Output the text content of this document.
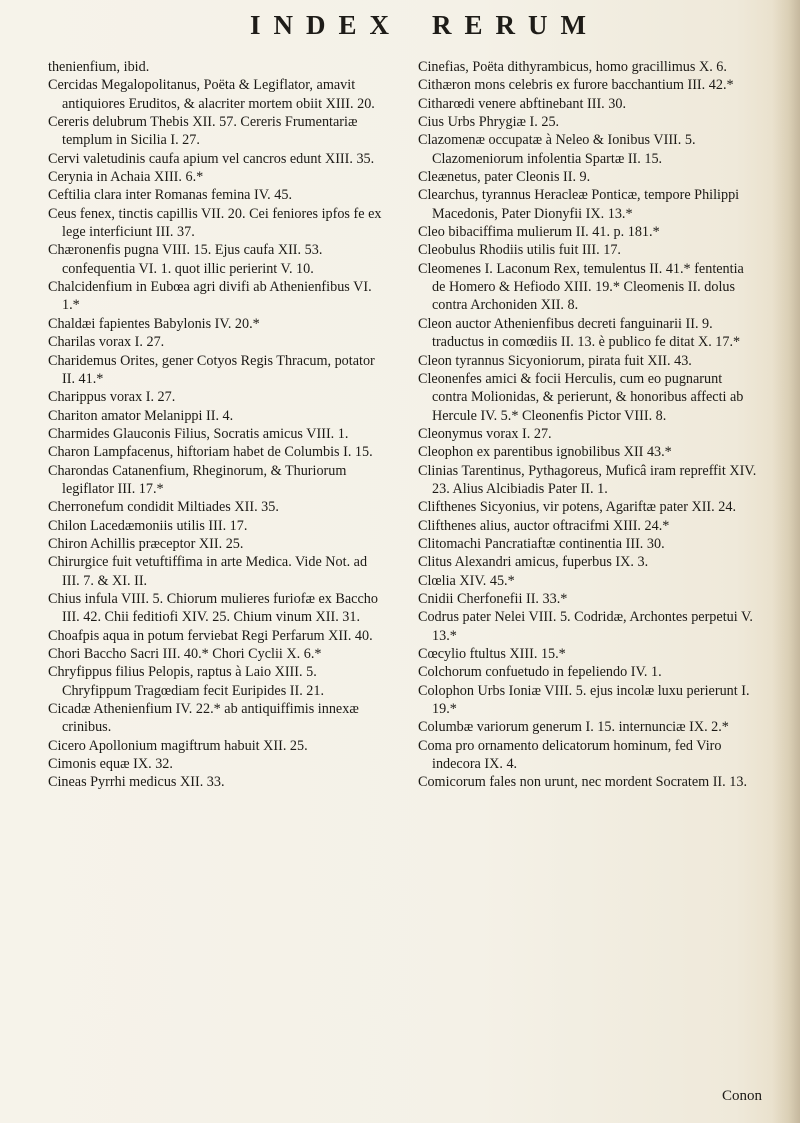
INDEX RERUM

thenienfium, ibid.

Cercidas Megalopolitanus, Poëta & Legiflator, amavit antiquiores Eruditos, & alacriter mortem obiit XIII. 20.

Cereris delubrum Thebis XII. 57. Cereris Frumentariæ templum in Sicilia I. 27.

Cervi valetudinis caufa apium vel cancros edunt XIII. 35.

Cerynia in Achaia XIII. 6.*

Ceftilia clara inter Romanas femina IV. 45.

Ceus fenex, tinctis capillis VII. 20. Cei feniores ipfos fe ex lege interficiunt III. 37.

Chæronenfis pugna VIII. 15. Ejus caufa XII. 53. confequentia VI. 1. quot illic perierint V. 10.

Chalcidenfium in Eubœa agri divifi ab Athenienfibus VI. 1.*

Chaldæi fapientes Babylonis IV. 20.*

Charilas vorax I. 27.

Charidemus Orites, gener Cotyos Regis Thracum, potator II. 41.*

Charippus vorax I. 27.

Chariton amator Melanippi II. 4.

Charmides Glauconis Filius, Socratis amicus VIII. 1.

Charon Lampfacenus, hiftoriam habet de Columbis I. 15.

Charondas Catanenfium, Rheginorum, & Thuriorum legiflator III. 17.*

Cherronefum condidit Miltiades XII. 35.

Chilon Lacedæmoniis utilis III. 17.

Chiron Achillis præceptor XII. 25.

Chirurgice fuit vetuftiffima in arte Medica. Vide Not. ad III. 7. & XI. II.

Chius infula VIII. 5. Chiorum mulieres furiofæ ex Baccho III. 42. Chii feditiofi XIV. 25. Chium vinum XII. 31.

Choafpis aqua in potum ferviebat Regi Perfarum XII. 40.

Chori Baccho Sacri III. 40.* Chori Cyclii X. 6.*

Chryfippus filius Pelopis, raptus à Laio XIII. 5. Chryfippum Tragœdiam fecit Euripides II. 21.

Cicadæ Athenienfium IV. 22.* ab antiquiffimis innexæ crinibus.

Cicero Apollonium magiftrum habuit XII. 25.

Cimonis equæ IX. 32.

Cineas Pyrrhi medicus XII. 33.

Cinefias, Poëta dithyrambicus, homo gracillimus X. 6.

Cithæron mons celebris ex furore bacchantium III. 42.*

Citharœdi venere abftinebant III. 30.

Cius Urbs Phrygiæ I. 25.

Clazomenæ occupatæ à Neleo & Ionibus VIII. 5. Clazomeniorum infolentia Spartæ II. 15.

Cleænetus, pater Cleonis II. 9.

Clearchus, tyrannus Heracleæ Ponticæ, tempore Philippi Macedonis, Pater Dionyfii IX. 13.*

Cleo bibaciffima mulierum II. 41. p. 181.*

Cleobulus Rhodiis utilis fuit III. 17.

Cleomenes I. Laconum Rex, temulentus II. 41.* fententia de Homero & Hefiodo XIII. 19.* Cleomenis II. dolus contra Archoniden XII. 8.

Cleon auctor Athenienfibus decreti fanguinarii II. 9. traductus in comœdiis II. 13. è publico fe ditat X. 17.*

Cleon tyrannus Sicyoniorum, pirata fuit XII. 43.

Cleonenfes amici & focii Herculis, cum eo pugnarunt contra Molionidas, & perierunt, & honoribus affecti ab Hercule IV. 5.* Cleonenfis Pictor VIII. 8.

Cleonymus vorax I. 27.

Cleophon ex parentibus ignobilibus XII 43.*

Clinias Tarentinus, Pythagoreus, Muficâ iram repreffit XIV. 23. Alius Alcibiadis Pater II. 1.

Clifthenes Sicyonius, vir potens, Agariftæ pater XII. 24.

Clifthenes alius, auctor oftracifmi XIII. 24.*

Clitomachi Pancratiaftæ continentia III. 30.

Clitus Alexandri amicus, fuperbus IX. 3.

Clœlia XIV. 45.*

Cnidii Cherfonefii II. 33.*

Codrus pater Nelei VIII. 5. Codridæ, Archontes perpetui V. 13.*

Cœcylio ftultus XIII. 15.*

Colchorum confuetudo in fepeliendo IV. 1.

Colophon Urbs Ioniæ VIII. 5. ejus incolæ luxu perierunt I. 19.*

Columbæ variorum generum I. 15. internunciæ IX. 2.*

Coma pro ornamento delicatorum hominum, fed Viro indecora IX. 4.

Comicorum fales non urunt, nec mordent Socratem II. 13.

Conon
